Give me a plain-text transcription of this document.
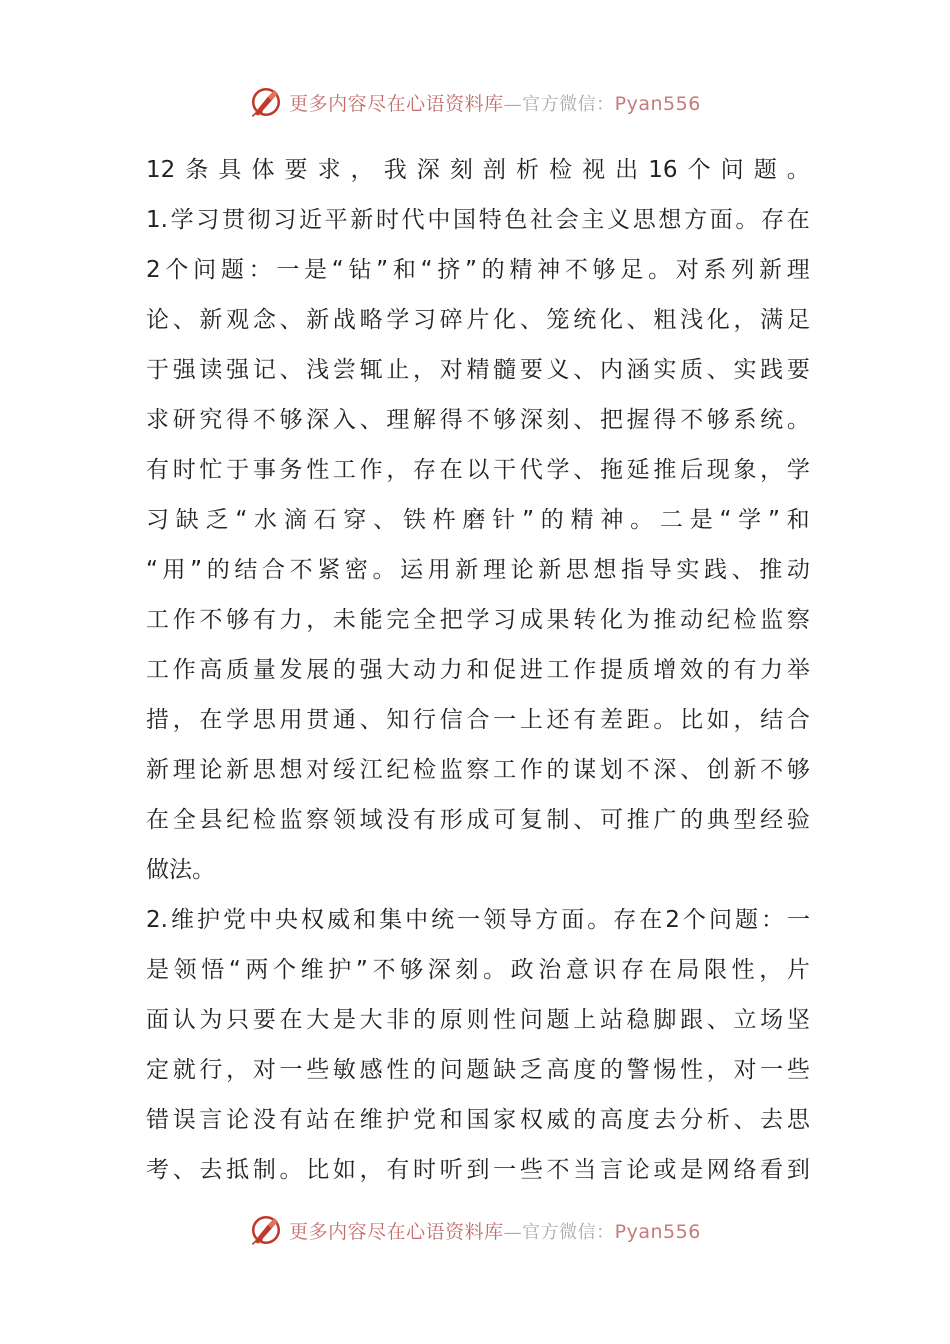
更多内容尽在心语资料库—官方微信：Pyan556
12 条 具 体 要 求 ， 我 深 刻 剖 析 检 视 出 16 个 问 题 。
1. 学 习 贯 彻 习 近 平 新 时 代 中 国 特 色 社 会 主 义 思 想 方 面 。 存 在
2 个 问 题 ： 一 是 “ 钻 ” 和 “ 挤 ” 的 精 神 不 够 足 。 对 系 列 新 理
论 、 新 观 念 、 新 战 略 学 习 碎 片 化 、 笼 统 化 、 粗 浅 化 ， 满 足
于 强 读 强 记 、 浅 尝 辄 止 ， 对 精 髓 要 义 、 内 涵 实 质 、 实 践 要
求 研 究 得 不 够 深 入 、 理 解 得 不 够 深 刻 、 把 握 得 不 够 系 统 。
有 时 忙 于 事 务 性 工 作 ， 存 在 以 干 代 学 、 拖 延 推 后 现 象 ， 学
习 缺 乏 “ 水 滴 石 穿 、 铁 杵 磨 针 ” 的 精 神 。 二 是 “ 学 ” 和
“ 用 ” 的 结 合 不 紧 密 。 运 用 新 理 论 新 思 想 指 导 实 践 、 推 动
工 作 不 够 有 力 ， 未 能 完 全 把 学 习 成 果 转 化 为 推 动 纪 检 监 察
工 作 高 质 量 发 展 的 强 大 动 力 和 促 进 工 作 提 质 增 效 的 有 力 举
措 ， 在 学 思 用 贯 通 、 知 行 信 合 一 上 还 有 差 距 。 比 如 ， 结 合
新 理 论 新 思 想 对 绥 江 纪 检 监 察 工 作 的 谋 划 不 深 、 创 新 不 够
在 全 县 纪 检 监 察 领 域 没 有 形 成 可 复 制 、 可 推 广 的 典 型 经 验
做 法 。
2. 维 护 党 中 央 权 威 和 集 中 统 一 领 导 方 面 。 存 在 2 个 问 题 ： 一
是 领 悟 “ 两 个 维 护 ” 不 够 深 刻 。 政 治 意 识 存 在 局 限 性 ， 片
面 认 为 只 要 在 大 是 大 非 的 原 则 性 问 题 上 站 稳 脚 跟 、 立 场 坚
定 就 行 ， 对 一 些 敏 感 性 的 问 题 缺 乏 高 度 的 警 惕 性 ， 对 一 些
错 误 言 论 没 有 站 在 维 护 党 和 国 家 权 威 的 高 度 去 分 析 、 去 思
考 、 去 抵 制 。 比 如 ， 有 时 听 到 一 些 不 当 言 论 或 是 网 络 看 到
更多内容尽在心语资料库—官方微信：Pyan556
